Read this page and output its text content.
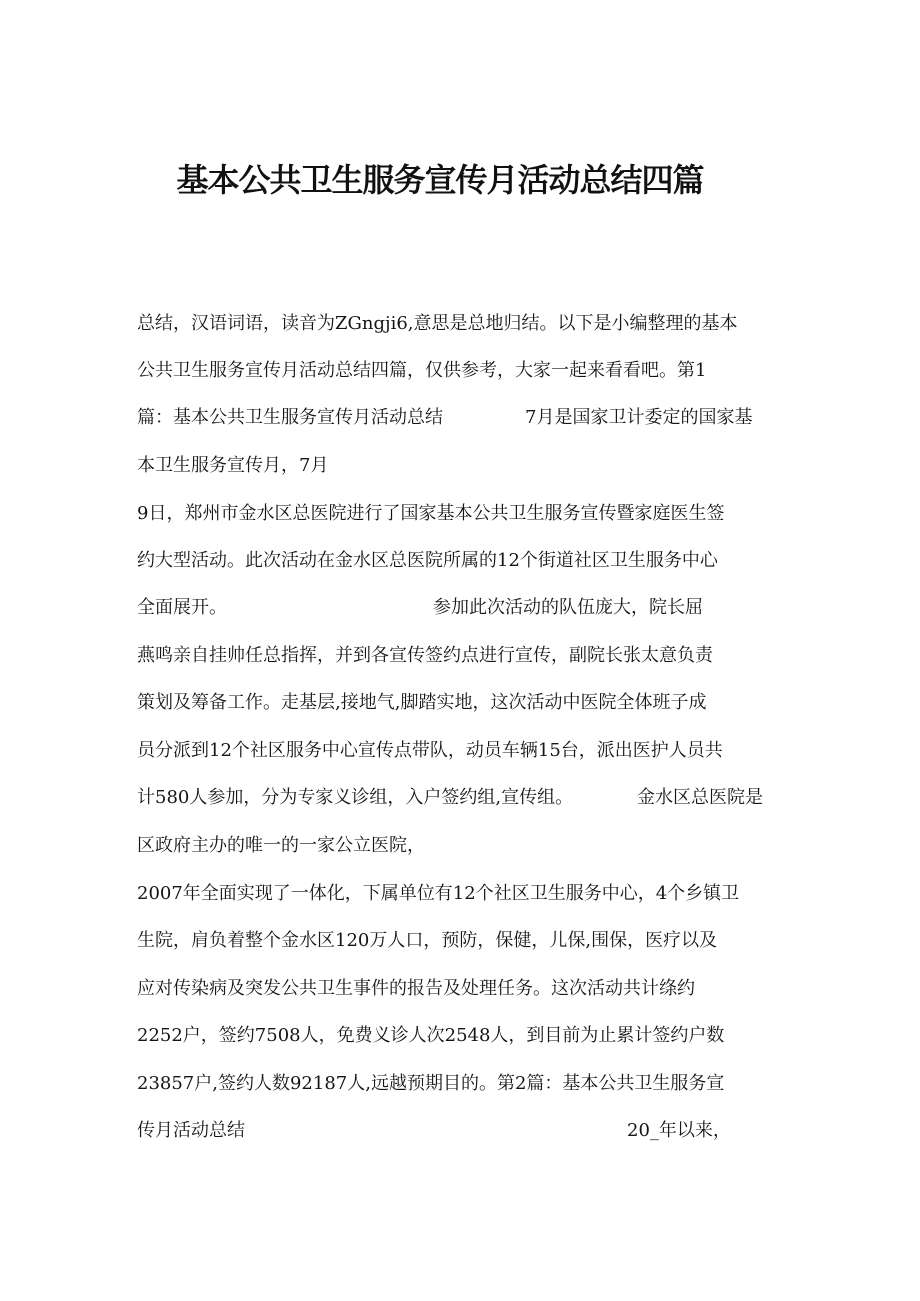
基本公共卫生服务宣传月活动总结四篇
总结，汉语词语，读音为ZGngji6,意思是总地归结。以下是小编整理的基本
公共卫生服务宣传月活动总结四篇，仅供参考，大家一起来看看吧。第1
篇：基本公共卫生服务宣传月活动总结	7月是国家卫计委定的国家基
本卫生服务宣传月，7月
9日，郑州市金水区总医院进行了国家基本公共卫生服务宣传暨家庭医生签
约大型活动。此次活动在金水区总医院所属的12个街道社区卫生服务中心
全面展开。	参加此次活动的队伍庞大，院长屈
燕鸣亲自挂帅任总指挥，并到各宣传签约点进行宣传，副院长张太意负责
策划及筹备工作。走基层,接地气,脚踏实地，这次活动中医院全体班子成
员分派到12个社区服务中心宣传点带队，动员车辆15台，派出医护人员共
计580人参加，分为专家义诊组，入户签约组,宣传组。	金水区总医院是
区政府主办的唯一的一家公立医院，
2007年全面实现了一体化，下属单位有12个社区卫生服务中心，4个乡镇卫
生院，肩负着整个金水区120万人口，预防，保健，儿保,围保，医疗以及
应对传染病及突发公共卫生事件的报告及处理任务。这次活动共计绦约
2252户，签约7508人，免费义诊人次2548人，到目前为止累计签约户数
23857户,签约人数92187人,远越预期目的。第2篇：基本公共卫生服务宣
传月活动总结	20_年以来，
